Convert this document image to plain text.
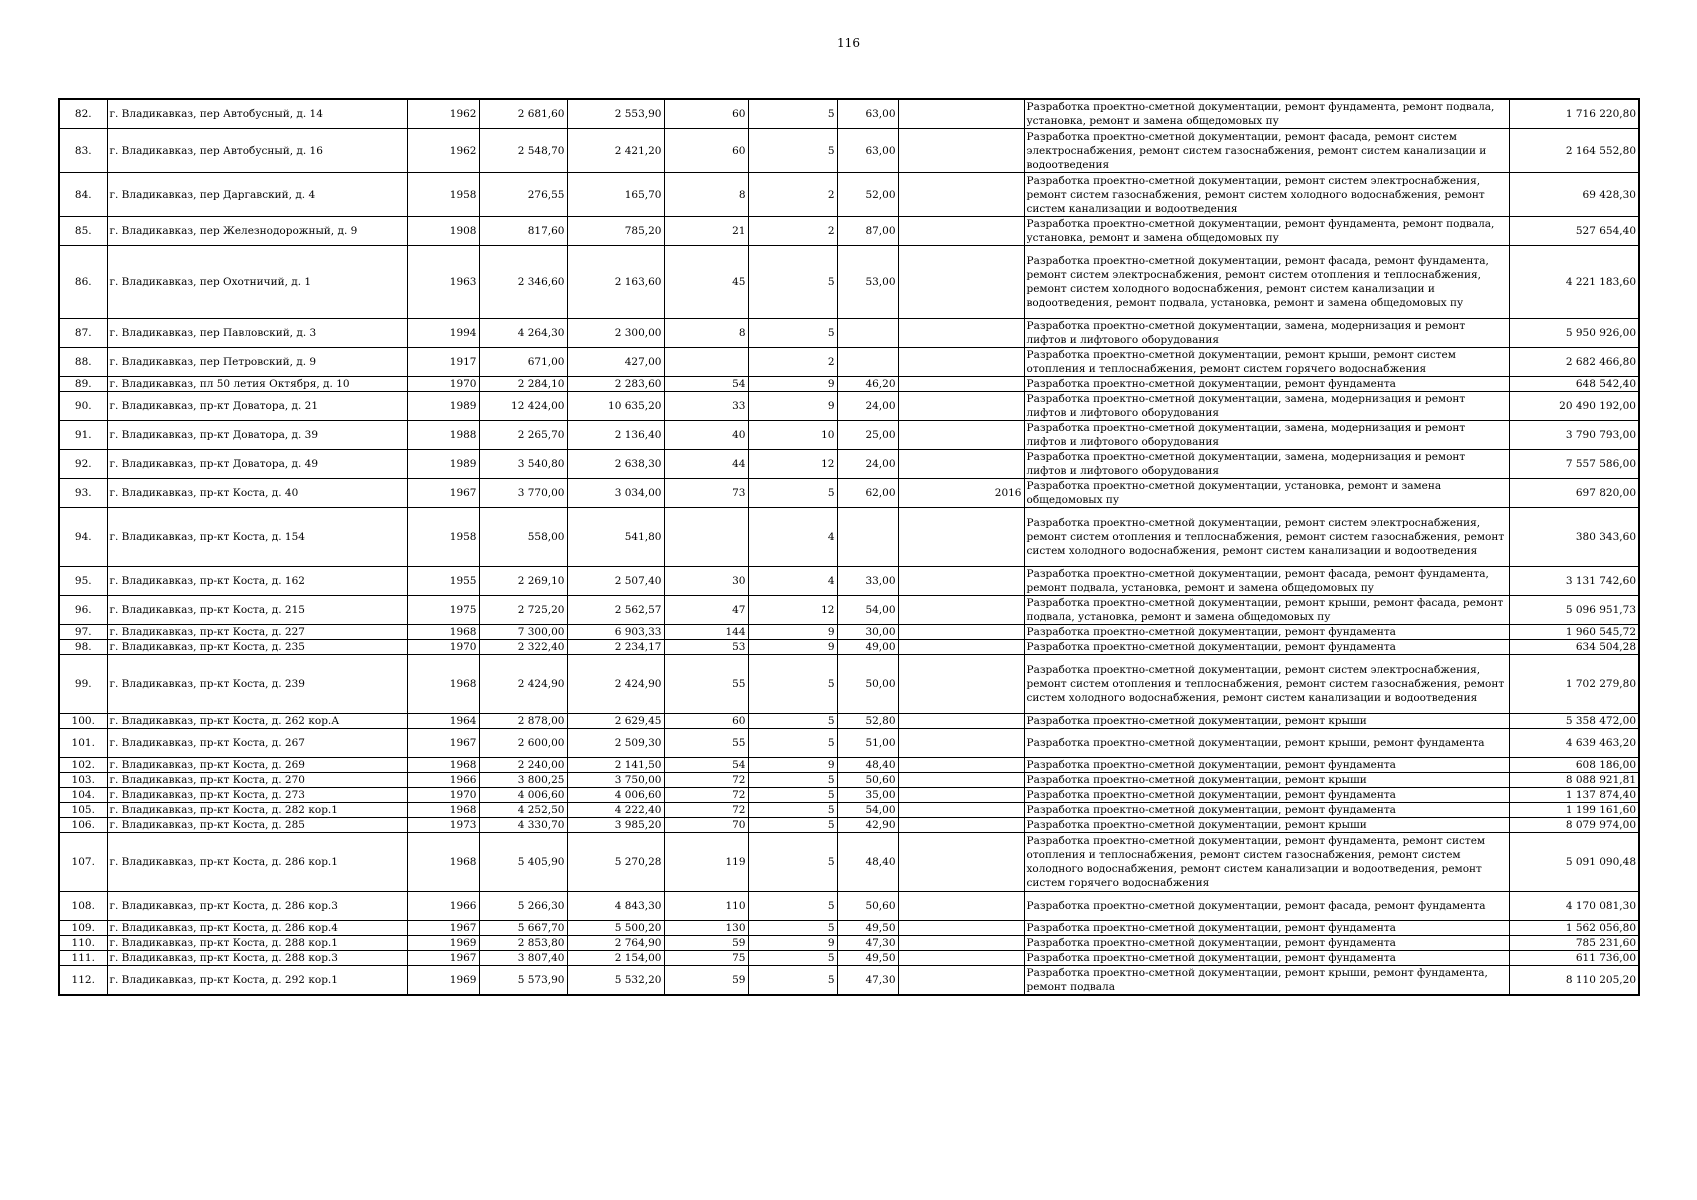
116
82.	г. Владикавказ, пер Автобусный, д. 14	1962	2 681,60	2 553,90	60	5	63,00		Разработка проектно-сметной документации, ремонт фундамента, ремонт подвала, установка, ремонт и замена общедомовых пу	1 716 220,80
83.	г. Владикавказ, пер Автобусный, д. 16	1962	2 548,70	2 421,20	60	5	63,00		Разработка проектно-сметной документации, ремонт фасада, ремонт систем электроснабжения, ремонт систем газоснабжения, ремонт систем канализации и водоотведения	2 164 552,80
84.	г. Владикавказ, пер Даргавский, д. 4	1958	276,55	165,70	8	2	52,00		Разработка проектно-сметной документации, ремонт систем электроснабжения, ремонт систем газоснабжения, ремонт систем холодного водоснабжения, ремонт систем канализации и водоотведения	69 428,30
85.	г. Владикавказ, пер Железнодорожный, д. 9	1908	817,60	785,20	21	2	87,00		Разработка проектно-сметной документации, ремонт фундамента, ремонт подвала, установка, ремонт и замена общедомовых пу	527 654,40
86.	г. Владикавказ, пер Охотничий, д. 1	1963	2 346,60	2 163,60	45	5	53,00		Разработка проектно-сметной документации, ремонт фасада, ремонт фундамента, ремонт систем электроснабжения, ремонт систем отопления и теплоснабжения, ремонт систем холодного водоснабжения, ремонт систем канализации и водоотведения, ремонт подвала, установка, ремонт и замена общедомовых пу	4 221 183,60
87.	г. Владикавказ, пер Павловский, д. 3	1994	4 264,30	2 300,00	8	5			Разработка проектно-сметной документации, замена, модернизация и ремонт лифтов и лифтового оборудования	5 950 926,00
88.	г. Владикавказ, пер Петровский, д. 9	1917	671,00	427,00		2			Разработка проектно-сметной документации, ремонт крыши, ремонт систем отопления и теплоснабжения, ремонт систем горячего водоснабжения	2 682 466,80
89.	г. Владикавказ, пл 50 летия Октября, д. 10	1970	2 284,10	2 283,60	54	9	46,20		Разработка проектно-сметной документации, ремонт фундамента	648 542,40
90.	г. Владикавказ, пр-кт Доватора, д. 21	1989	12 424,00	10 635,20	33	9	24,00		Разработка проектно-сметной документации, замена, модернизация и ремонт лифтов и лифтового оборудования	20 490 192,00
91.	г. Владикавказ, пр-кт Доватора, д. 39	1988	2 265,70	2 136,40	40	10	25,00		Разработка проектно-сметной документации, замена, модернизация и ремонт лифтов и лифтового оборудования	3 790 793,00
92.	г. Владикавказ, пр-кт Доватора, д. 49	1989	3 540,80	2 638,30	44	12	24,00		Разработка проектно-сметной документации, замена, модернизация и ремонт лифтов и лифтового оборудования	7 557 586,00
93.	г. Владикавказ, пр-кт Коста, д. 40	1967	3 770,00	3 034,00	73	5	62,00	2016	Разработка проектно-сметной документации, установка, ремонт и замена общедомовых пу	697 820,00
94.	г. Владикавказ, пр-кт Коста, д. 154	1958	558,00	541,80		4			Разработка проектно-сметной документации, ремонт систем электроснабжения, ремонт систем отопления и теплоснабжения, ремонт систем газоснабжения, ремонт систем холодного водоснабжения, ремонт систем канализации и водоотведения	380 343,60
95.	г. Владикавказ, пр-кт Коста, д. 162	1955	2 269,10	2 507,40	30	4	33,00		Разработка проектно-сметной документации, ремонт фасада, ремонт фундамента, ремонт подвала, установка, ремонт и замена общедомовых пу	3 131 742,60
96.	г. Владикавказ, пр-кт Коста, д. 215	1975	2 725,20	2 562,57	47	12	54,00		Разработка проектно-сметной документации, ремонт крыши, ремонт фасада, ремонт подвала, установка, ремонт и замена общедомовых пу	5 096 951,73
97.	г. Владикавказ, пр-кт Коста, д. 227	1968	7 300,00	6 903,33	144	9	30,00		Разработка проектно-сметной документации, ремонт фундамента	1 960 545,72
98.	г. Владикавказ, пр-кт Коста, д. 235	1970	2 322,40	2 234,17	53	9	49,00		Разработка проектно-сметной документации, ремонт фундамента	634 504,28
99.	г. Владикавказ, пр-кт Коста, д. 239	1968	2 424,90	2 424,90	55	5	50,00		Разработка проектно-сметной документации, ремонт систем электроснабжения, ремонт систем отопления и теплоснабжения, ремонт систем газоснабжения, ремонт систем холодного водоснабжения, ремонт систем канализации и водоотведения	1 702 279,80
100.	г. Владикавказ, пр-кт Коста, д. 262 кор.А	1964	2 878,00	2 629,45	60	5	52,80		Разработка проектно-сметной документации, ремонт крыши	5 358 472,00
101.	г. Владикавказ, пр-кт Коста, д. 267	1967	2 600,00	2 509,30	55	5	51,00		Разработка проектно-сметной документации, ремонт крыши, ремонт фундамента	4 639 463,20
102.	г. Владикавказ, пр-кт Коста, д. 269	1968	2 240,00	2 141,50	54	9	48,40		Разработка проектно-сметной документации, ремонт фундамента	608 186,00
103.	г. Владикавказ, пр-кт Коста, д. 270	1966	3 800,25	3 750,00	72	5	50,60		Разработка проектно-сметной документации, ремонт крыши	8 088 921,81
104.	г. Владикавказ, пр-кт Коста, д. 273	1970	4 006,60	4 006,60	72	5	35,00		Разработка проектно-сметной документации, ремонт фундамента	1 137 874,40
105.	г. Владикавказ, пр-кт Коста, д. 282 кор.1	1968	4 252,50	4 222,40	72	5	54,00		Разработка проектно-сметной документации, ремонт фундамента	1 199 161,60
106.	г. Владикавказ, пр-кт Коста, д. 285	1973	4 330,70	3 985,20	70	5	42,90		Разработка проектно-сметной документации, ремонт крыши	8 079 974,00
107.	г. Владикавказ, пр-кт Коста, д. 286 кор.1	1968	5 405,90	5 270,28	119	5	48,40		Разработка проектно-сметной документации, ремонт фундамента, ремонт систем отопления и теплоснабжения, ремонт систем газоснабжения, ремонт систем холодного водоснабжения, ремонт систем канализации и водоотведения, ремонт систем горячего водоснабжения	5 091 090,48
108.	г. Владикавказ, пр-кт Коста, д. 286 кор.3	1966	5 266,30	4 843,30	110	5	50,60		Разработка проектно-сметной документации, ремонт фасада, ремонт фундамента	4 170 081,30
109.	г. Владикавказ, пр-кт Коста, д. 286 кор.4	1967	5 667,70	5 500,20	130	5	49,50		Разработка проектно-сметной документации, ремонт фундамента	1 562 056,80
110.	г. Владикавказ, пр-кт Коста, д. 288 кор.1	1969	2 853,80	2 764,90	59	9	47,30		Разработка проектно-сметной документации, ремонт фундамента	785 231,60
111.	г. Владикавказ, пр-кт Коста, д. 288 кор.3	1967	3 807,40	2 154,00	75	5	49,50		Разработка проектно-сметной документации, ремонт фундамента	611 736,00
112.	г. Владикавказ, пр-кт Коста, д. 292 кор.1	1969	5 573,90	5 532,20	59	5	47,30		Разработка проектно-сметной документации, ремонт крыши, ремонт фундамента, ремонт подвала	8 110 205,20
